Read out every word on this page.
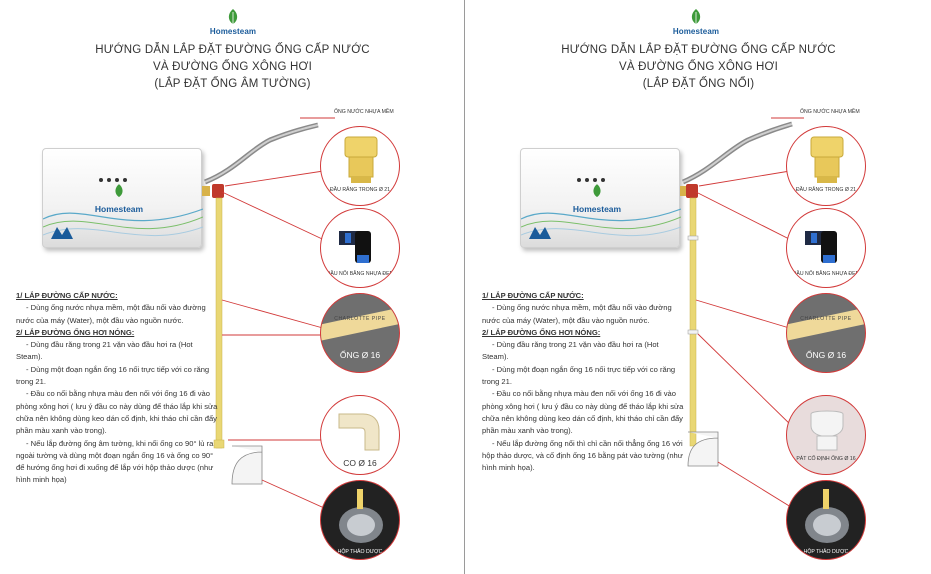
Homesteam
HƯỚNG DẪN LẮP ĐẶT ĐƯỜNG ỐNG CẤP NƯỚC
VÀ ĐƯỜNG ỐNG XÔNG HƠI
(LẮP ĐẶT ỐNG ÂM TƯỜNG)
Homesteam
ỐNG NƯỚC NHỰA MỀM
ĐẦU RĂNG TRONG Ø 21
ĐẦU NỐI BẰNG NHỰA ĐEN
CHARLOTTE PIPE
ỐNG Ø 16
CO Ø 16
HỘP THẢO DƯỢC

1/ LẮP ĐƯỜNG CẤP NƯỚC:

- Dùng ống nước nhựa mềm, một đầu nối vào đường nước của máy (Water), một đầu vào nguồn nước.

2/ LẮP ĐƯỜNG ỐNG HƠI NÓNG:

- Dùng đầu răng trong 21 vặn vào đầu hơi ra (Hot Steam).

- Dùng một đoạn ngắn ống 16 nối trực tiếp với co răng trong 21.

- Đầu co nối bằng nhựa màu đen nối với ống 16 đi vào phòng xông hơi ( lưu ý đầu co này dùng để tháo lắp khi sửa chữa nên không dùng keo dán cố định, khi tháo chỉ cần đẩy phần màu xanh vào trong).

- Nếu lắp đường ống âm tường, khi nối ống co 90° lủ ra ngoài tường và dùng một đoạn ngắn ống 16 và ống co 90° để hướng ống hơi đi xuống để lắp với hộp thảo dược (như hình minh họa)

Homesteam
HƯỚNG DẪN LẮP ĐẶT ĐƯỜNG ỐNG CẤP NƯỚC
VÀ ĐƯỜNG ỐNG XÔNG HƠI
(LẮP ĐẶT ỐNG NỔI)
Homesteam
ỐNG NƯỚC NHỰA MỀM
ĐẦU RĂNG TRONG Ø 21
ĐẦU NỐI BẰNG NHỰA ĐEN
CHARLOTTE PIPE
ỐNG Ø 16
PÁT CỐ ĐỊNH ỐNG Ø 16
HỘP THẢO DƯỢC

1/ LẮP ĐƯỜNG CẤP NƯỚC:

- Dùng ống nước nhựa mềm, một đầu nối vào đường nước của máy (Water), một đầu vào nguồn nước.

2/ LẮP ĐƯỜNG ỐNG HƠI NÓNG:

- Dùng đầu răng trong 21 vặn vào đầu hơi ra (Hot Steam).

- Dùng một đoạn ngắn ống 16 nối trực tiếp với co răng trong 21.

- Đầu co nối bằng nhựa màu đen nối với ống 16 đi vào phòng xông hơi ( lưu ý đầu co này dùng để tháo lắp khi sửa chữa nên không dùng keo dán cố định, khi tháo chỉ cần đẩy phần màu xanh vào trong).

- Nếu lắp đường ống nổi thì chỉ cần nối thẳng ống 16 với hộp thảo dược, và cố định ống 16 bằng pát vào tường (như hình minh họa).
